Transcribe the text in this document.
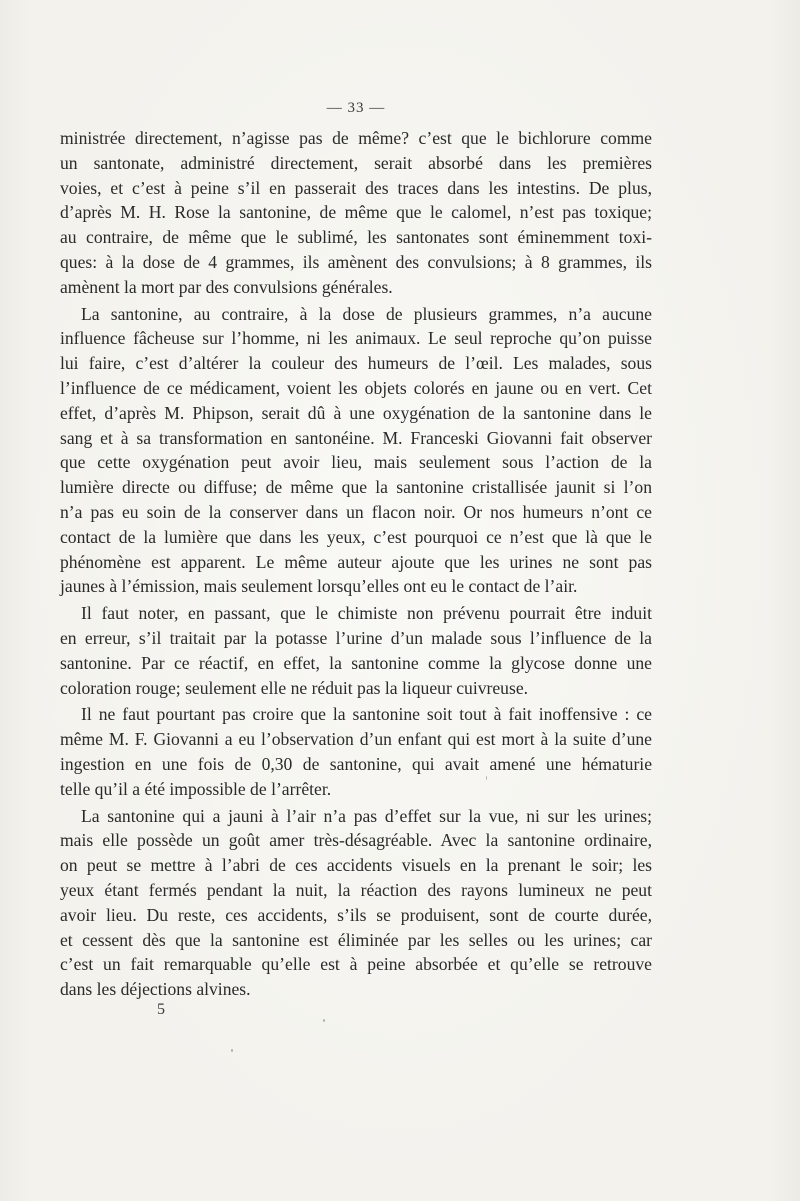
— 33 —
ministrée directement, n’agisse pas de même? c’est que le bichlorure comme
un santonate, administré directement, serait absorbé dans les premières
voies, et c’est à peine s’il en passerait des traces dans les intestins. De plus,
d’après M. H. Rose la santonine, de même que le calomel, n’est pas toxique;
au contraire, de même que le sublimé, les santonates sont éminemment toxi-
ques: à la dose de 4 grammes, ils amènent des convulsions; à 8 grammes, ils
amènent la mort par des convulsions générales.
La santonine, au contraire, à la dose de plusieurs grammes, n’a aucune
influence fâcheuse sur l’homme, ni les animaux. Le seul reproche qu’on puisse
lui faire, c’est d’altérer la couleur des humeurs de l’œil. Les malades, sous
l’influence de ce médicament, voient les objets colorés en jaune ou en vert. Cet
effet, d’après M. Phipson, serait dû à une oxygénation de la santonine dans le
sang et à sa transformation en santonéine. M. Franceski Giovanni fait observer
que cette oxygénation peut avoir lieu, mais seulement sous l’action de la
lumière directe ou diffuse; de même que la santonine cristallisée jaunit si l’on
n’a pas eu soin de la conserver dans un flacon noir. Or nos humeurs n’ont ce
contact de la lumière que dans les yeux, c’est pourquoi ce n’est que là que le
phénomène est apparent. Le même auteur ajoute que les urines ne sont pas
jaunes à l’émission, mais seulement lorsqu’elles ont eu le contact de l’air.
Il faut noter, en passant, que le chimiste non prévenu pourrait être induit
en erreur, s’il traitait par la potasse l’urine d’un malade sous l’influence de la
santonine. Par ce réactif, en effet, la santonine comme la glycose donne une
coloration rouge; seulement elle ne réduit pas la liqueur cuivreuse.
Il ne faut pourtant pas croire que la santonine soit tout à fait inoffensive : ce
même M. F. Giovanni a eu l’observation d’un enfant qui est mort à la suite d’une
ingestion en une fois de 0,30 de santonine, qui avait amené une hématurie
telle qu’il a été impossible de l’arrêter.
La santonine qui a jauni à l’air n’a pas d’effet sur la vue, ni sur les urines;
mais elle possède un goût amer très-désagréable. Avec la santonine ordinaire,
on peut se mettre à l’abri de ces accidents visuels en la prenant le soir; les
yeux étant fermés pendant la nuit, la réaction des rayons lumineux ne peut
avoir lieu. Du reste, ces accidents, s’ils se produisent, sont de courte durée,
et cessent dès que la santonine est éliminée par les selles ou les urines; car
c’est un fait remarquable qu’elle est à peine absorbée et qu’elle se retrouve
dans les déjections alvines.
5
